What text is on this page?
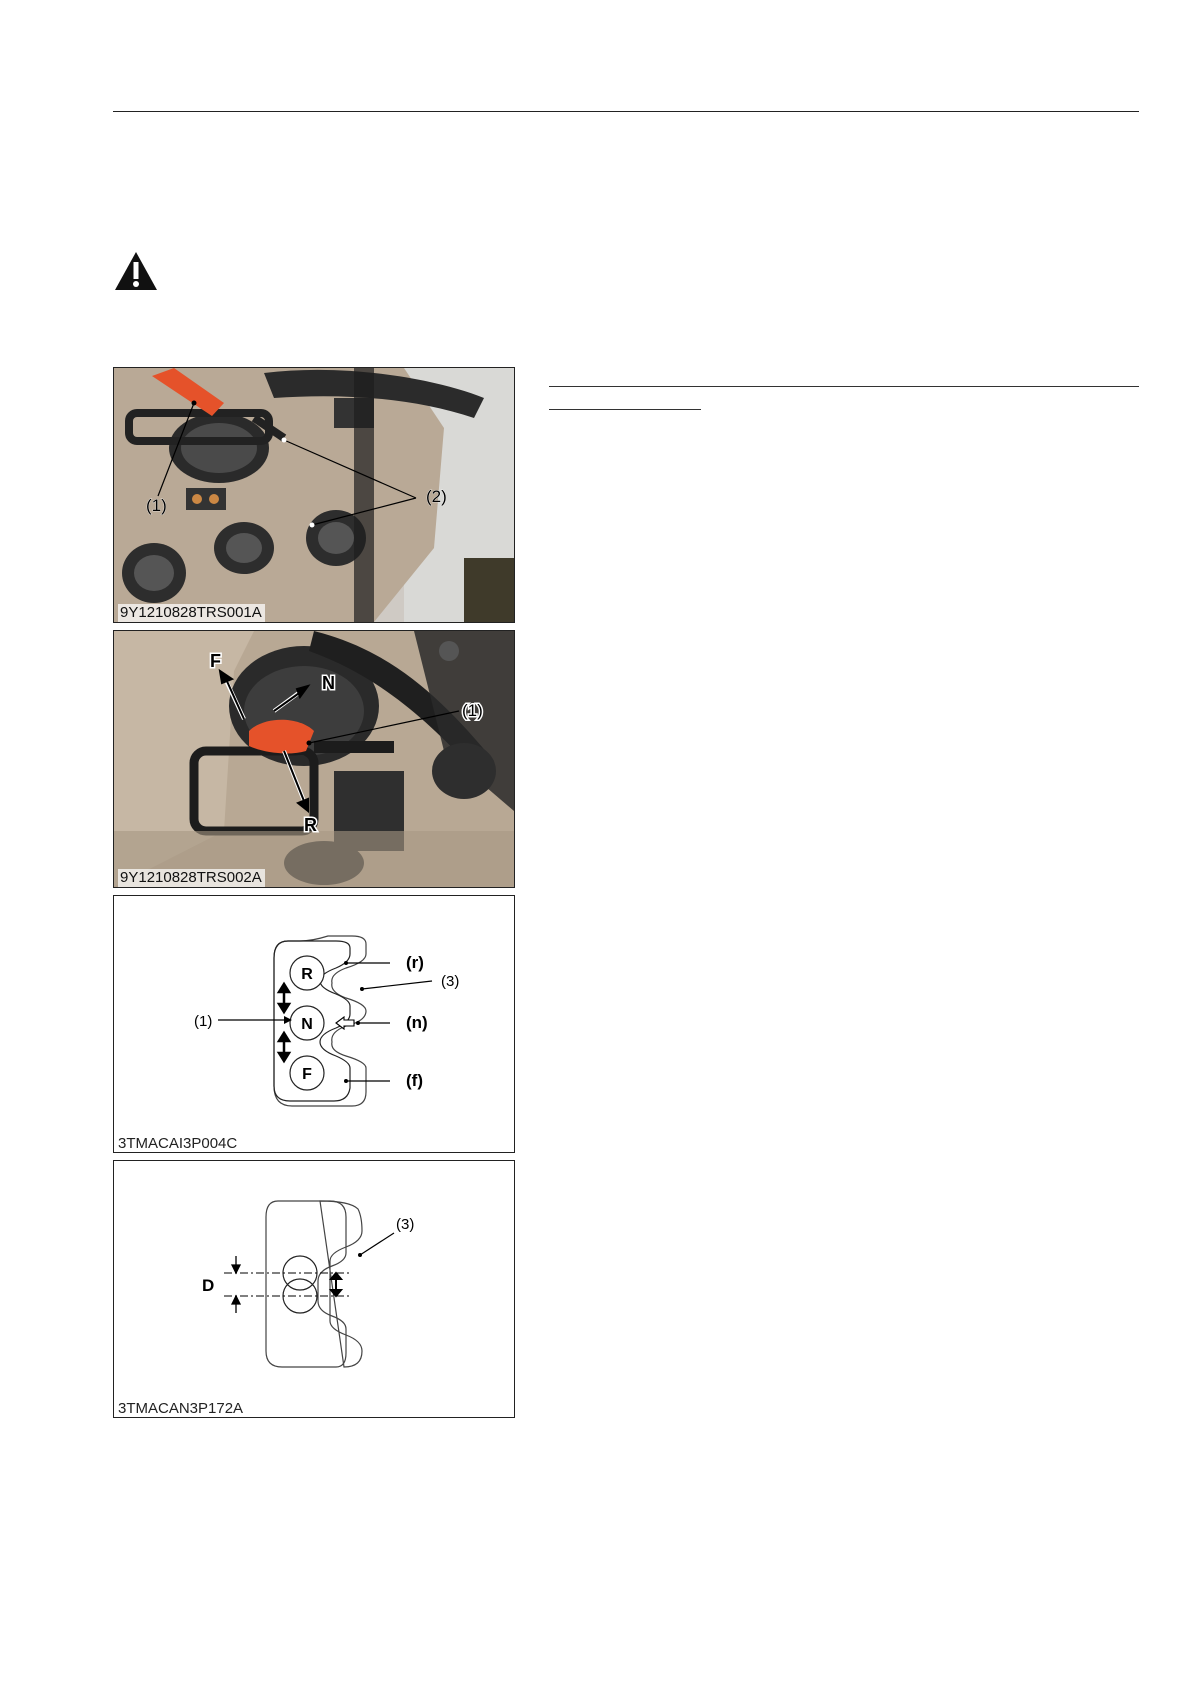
(1)	(2)
9Y1210828TRS001A
F
N
(1)
R
9Y1210828TRS002A
R
N
F
(1)
(r)
(3)
(n)
(f)
3TMACAI3P004C
(3)
D
3TMACAN3P172A
